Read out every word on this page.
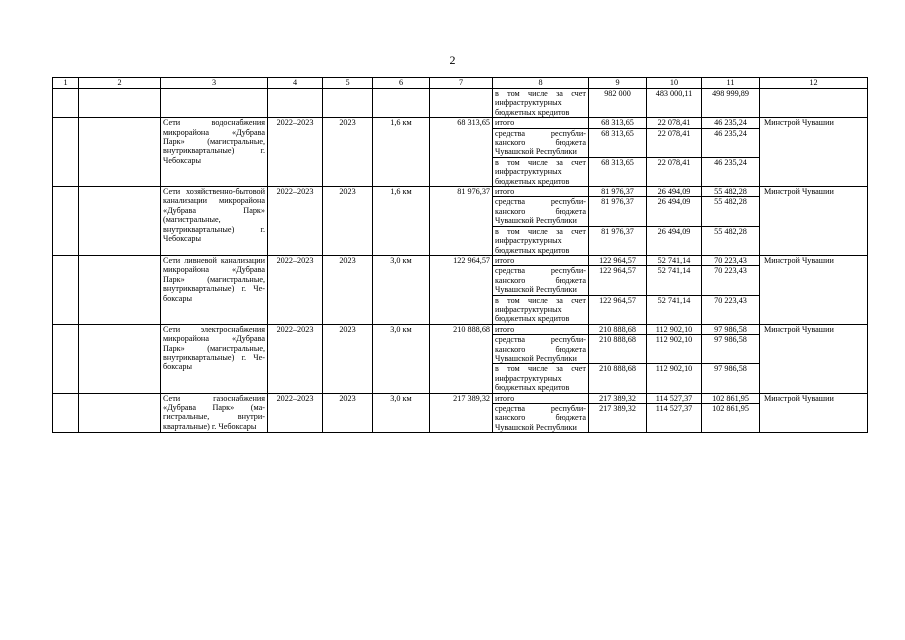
2
1	2	3	4	5	6	7	8	9	10	11	12
							в том числе за счет инфраструктурных бюджетных кредитов	982 000	483 000,11	498 999,89	
		Сети водоснабжения микрорайона «Дубрава Парк» (магистральные, внутриквартальные) г. Чебоксары	2022–2023	2023	1,6 км	68 313,65	итого	68 313,65	22 078,41	46 235,24	Минстрой Чувашии
							средства республиканского бюджета Чувашской Республики	68 313,65	22 078,41	46 235,24	
							в том числе за счет инфраструктурных бюджетных кредитов	68 313,65	22 078,41	46 235,24	
		Сети хозяйственно-бытовой канализации микрорайона «Дубрава Парк» (магистральные, внутриквартальные) г. Чебоксары	2022–2023	2023	1,6 км	81 976,37	итого	81 976,37	26 494,09	55 482,28	Минстрой Чувашии
							средства республиканского бюджета Чувашской Республики	81 976,37	26 494,09	55 482,28	
							в том числе за счет инфраструктурных бюджетных кредитов	81 976,37	26 494,09	55 482,28	
		Сети ливневой канализации микрорайона «Дубрава Парк» (магистральные, внутриквартальные) г. Чебоксары	2022–2023	2023	3,0 км	122 964,57	итого	122 964,57	52 741,14	70 223,43	Минстрой Чувашии
							средства республиканского бюджета Чувашской Республики	122 964,57	52 741,14	70 223,43	
							в том числе за счет инфраструктурных бюджетных кредитов	122 964,57	52 741,14	70 223,43	
		Сети электроснабжения микрорайона «Дубрава Парк» (магистральные, внутриквартальные) г. Чебоксары	2022–2023	2023	3,0 км	210 888,68	итого	210 888,68	112 902,10	97 986,58	Минстрой Чувашии
							средства республиканского бюджета Чувашской Республики	210 888,68	112 902,10	97 986,58	
							в том числе за счет инфраструктурных бюджетных кредитов	210 888,68	112 902,10	97 986,58	
		Сети газоснабжения «Дубрава Парк» (магистральные, внутриквартальные) г. Чебоксары	2022–2023	2023	3,0 км	217 389,32	итого	217 389,32	114 527,37	102 861,95	Минстрой Чувашии
							средства республиканского бюджета Чувашской Республики	217 389,32	114 527,37	102 861,95	
